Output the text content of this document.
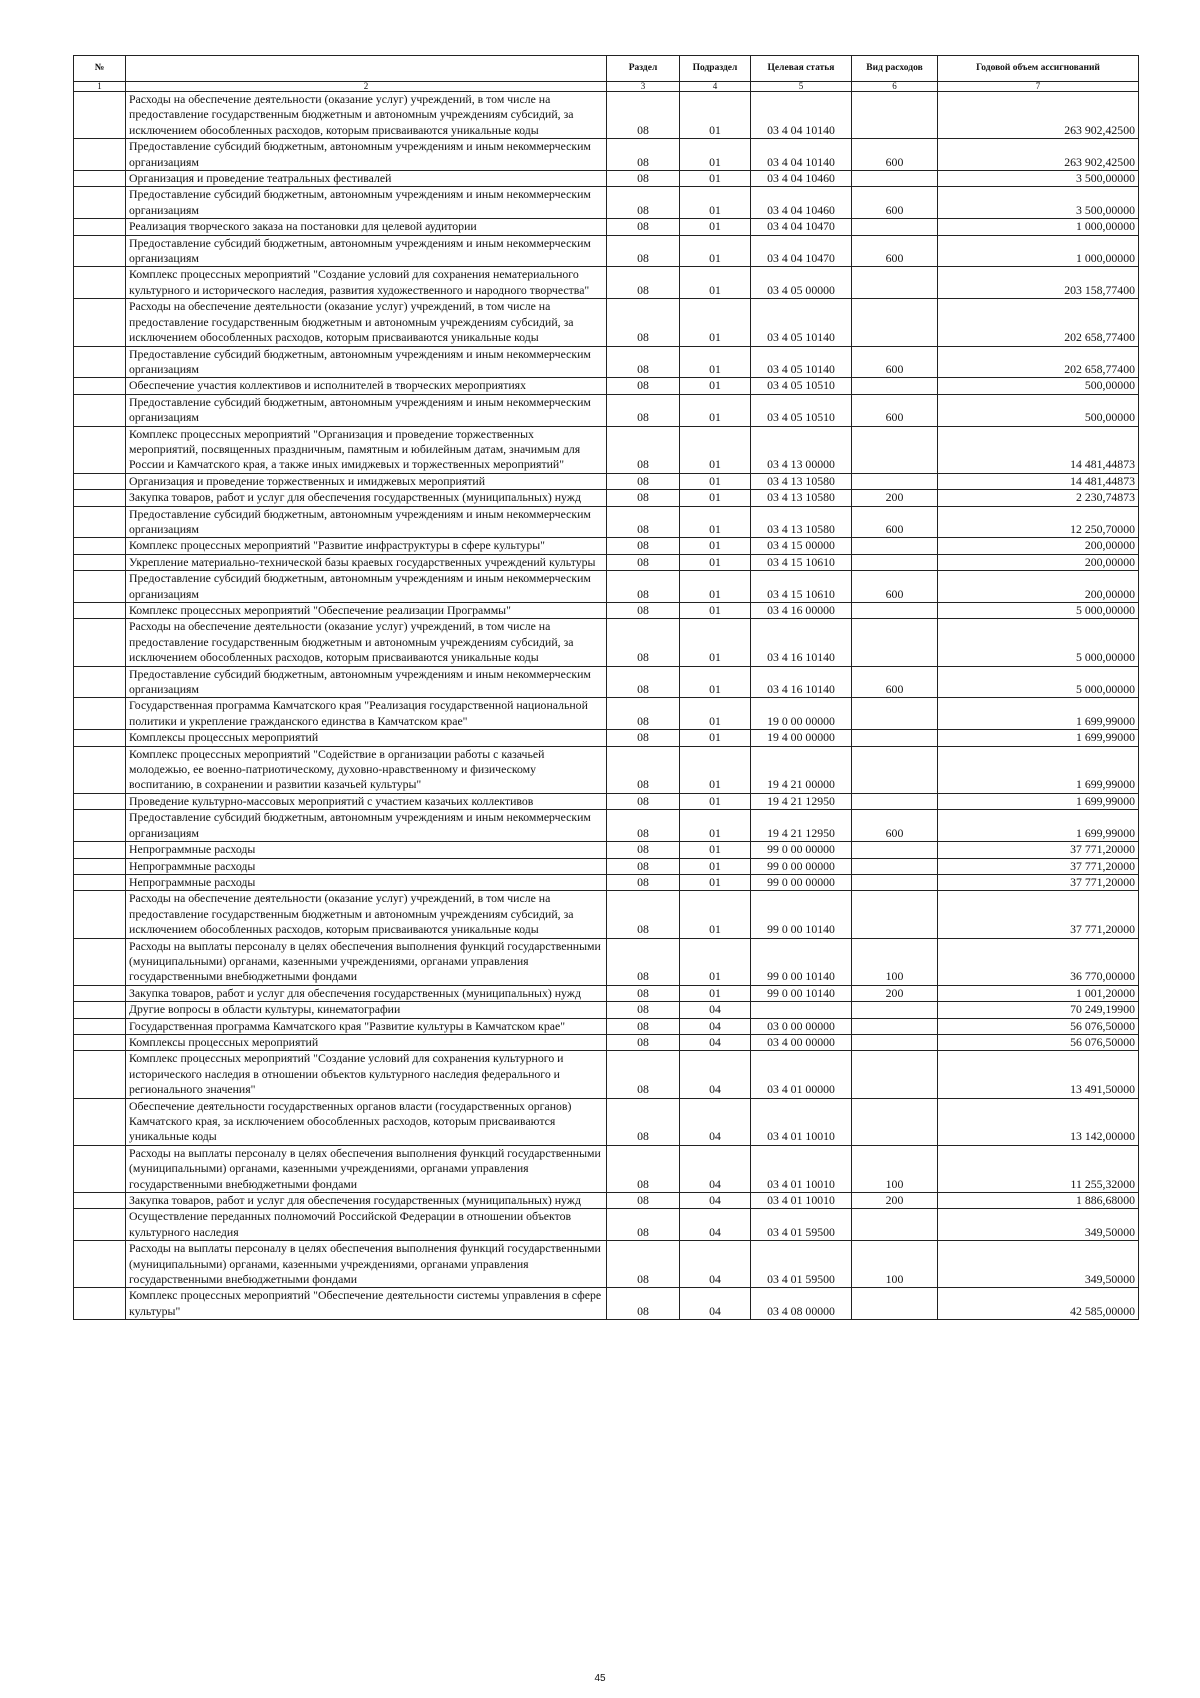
№		Раздел	Подраздел	Целевая статья	Вид расходов	Годовой объем ассигнований
1	2	3	4	5	6	7
	Расходы на обеспечение деятельности (оказание услуг) учреждений, в том числе на предоставление государственным бюджетным и автономным учреждениям субсидий, за исключением обособленных расходов, которым присваиваются уникальные коды	08	01	03 4 04 10140		263 902,42500
	Предоставление субсидий бюджетным, автономным учреждениям и иным некоммерческим организациям	08	01	03 4 04 10140	600	263 902,42500
	Организация и проведение театральных фестивалей	08	01	03 4 04 10460		3 500,00000
	Предоставление субсидий бюджетным, автономным учреждениям и иным некоммерческим организациям	08	01	03 4 04 10460	600	3 500,00000
	Реализация творческого заказа на постановки для целевой аудитории	08	01	03 4 04 10470		1 000,00000
	Предоставление субсидий бюджетным, автономным учреждениям и иным некоммерческим организациям	08	01	03 4 04 10470	600	1 000,00000
	Комплекс процессных мероприятий "Создание условий для сохранения нематериального культурного и исторического наследия, развития художественного и народного творчества"	08	01	03 4 05 00000		203 158,77400
	Расходы на обеспечение деятельности (оказание услуг) учреждений, в том числе на предоставление государственным бюджетным и автономным учреждениям субсидий, за исключением обособленных расходов, которым присваиваются уникальные коды	08	01	03 4 05 10140		202 658,77400
	Предоставление субсидий бюджетным, автономным учреждениям и иным некоммерческим организациям	08	01	03 4 05 10140	600	202 658,77400
	Обеспечение участия коллективов и исполнителей в творческих мероприятиях	08	01	03 4 05 10510		500,00000
	Предоставление субсидий бюджетным, автономным учреждениям и иным некоммерческим организациям	08	01	03 4 05 10510	600	500,00000
	Комплекс процессных мероприятий "Организация и проведение торжественных мероприятий, посвященных праздничным, памятным и юбилейным датам, значимым для России и Камчатского края, а также иных имиджевых и торжественных мероприятий"	08	01	03 4 13 00000		14 481,44873
	Организация и проведение торжественных и имиджевых мероприятий	08	01	03 4 13 10580		14 481,44873
	Закупка товаров, работ и услуг для обеспечения государственных (муниципальных) нужд	08	01	03 4 13 10580	200	2 230,74873
	Предоставление субсидий бюджетным, автономным учреждениям и иным некоммерческим организациям	08	01	03 4 13 10580	600	12 250,70000
	Комплекс процессных мероприятий "Развитие инфраструктуры в сфере культуры"	08	01	03 4 15 00000		200,00000
	Укрепление материально-технической базы краевых государственных учреждений культуры	08	01	03 4 15 10610		200,00000
	Предоставление субсидий бюджетным, автономным учреждениям и иным некоммерческим организациям	08	01	03 4 15 10610	600	200,00000
	Комплекс процессных мероприятий "Обеспечение реализации Программы"	08	01	03 4 16 00000		5 000,00000
	Расходы на обеспечение деятельности (оказание услуг) учреждений, в том числе на предоставление государственным бюджетным и автономным учреждениям субсидий, за исключением обособленных расходов, которым присваиваются уникальные коды	08	01	03 4 16 10140		5 000,00000
	Предоставление субсидий бюджетным, автономным учреждениям и иным некоммерческим организациям	08	01	03 4 16 10140	600	5 000,00000
	Государственная программа Камчатского края "Реализация государственной национальной политики и укрепление гражданского единства в Камчатском крае"	08	01	19 0 00 00000		1 699,99000
	Комплексы процессных мероприятий	08	01	19 4 00 00000		1 699,99000
	Комплекс процессных мероприятий "Содействие в организации работы с казачьей молодежью, ее военно-патриотическому, духовно-нравственному и физическому воспитанию, в сохранении и развитии казачьей культуры"	08	01	19 4 21 00000		1 699,99000
	Проведение культурно-массовых мероприятий с участием казачьих коллективов	08	01	19 4 21 12950		1 699,99000
	Предоставление субсидий бюджетным, автономным учреждениям и иным некоммерческим организациям	08	01	19 4 21 12950	600	1 699,99000
	Непрограммные расходы	08	01	99 0 00 00000		37 771,20000
	Непрограммные расходы	08	01	99 0 00 00000		37 771,20000
	Непрограммные расходы	08	01	99 0 00 00000		37 771,20000
	Расходы на обеспечение деятельности (оказание услуг) учреждений, в том числе на предоставление государственным бюджетным и автономным учреждениям субсидий, за исключением обособленных расходов, которым присваиваются уникальные коды	08	01	99 0 00 10140		37 771,20000
	Расходы на выплаты персоналу в целях обеспечения выполнения функций государственными (муниципальными) органами, казенными учреждениями, органами управления государственными внебюджетными фондами	08	01	99 0 00 10140	100	36 770,00000
	Закупка товаров, работ и услуг для обеспечения государственных (муниципальных) нужд	08	01	99 0 00 10140	200	1 001,20000
	Другие вопросы в области культуры, кинематографии	08	04			70 249,19900
	Государственная программа Камчатского края "Развитие культуры в Камчатском крае"	08	04	03 0 00 00000		56 076,50000
	Комплексы процессных мероприятий	08	04	03 4 00 00000		56 076,50000
	Комплекс процессных мероприятий "Создание условий для сохранения культурного и исторического наследия в отношении объектов культурного наследия федерального и регионального значения"	08	04	03 4 01 00000		13 491,50000
	Обеспечение деятельности государственных органов власти (государственных органов) Камчатского края, за исключением обособленных расходов, которым присваиваются уникальные коды	08	04	03 4 01 10010		13 142,00000
	Расходы на выплаты персоналу в целях обеспечения выполнения функций государственными (муниципальными) органами, казенными учреждениями, органами управления государственными внебюджетными фондами	08	04	03 4 01 10010	100	11 255,32000
	Закупка товаров, работ и услуг для обеспечения государственных (муниципальных) нужд	08	04	03 4 01 10010	200	1 886,68000
	Осуществление переданных полномочий Российской Федерации в отношении объектов культурного наследия	08	04	03 4 01 59500		349,50000
	Расходы на выплаты персоналу в целях обеспечения выполнения функций государственными (муниципальными) органами, казенными учреждениями, органами управления государственными внебюджетными фондами	08	04	03 4 01 59500	100	349,50000
	Комплекс процессных мероприятий "Обеспечение деятельности системы управления в сфере культуры"	08	04	03 4 08 00000		42 585,00000
45
